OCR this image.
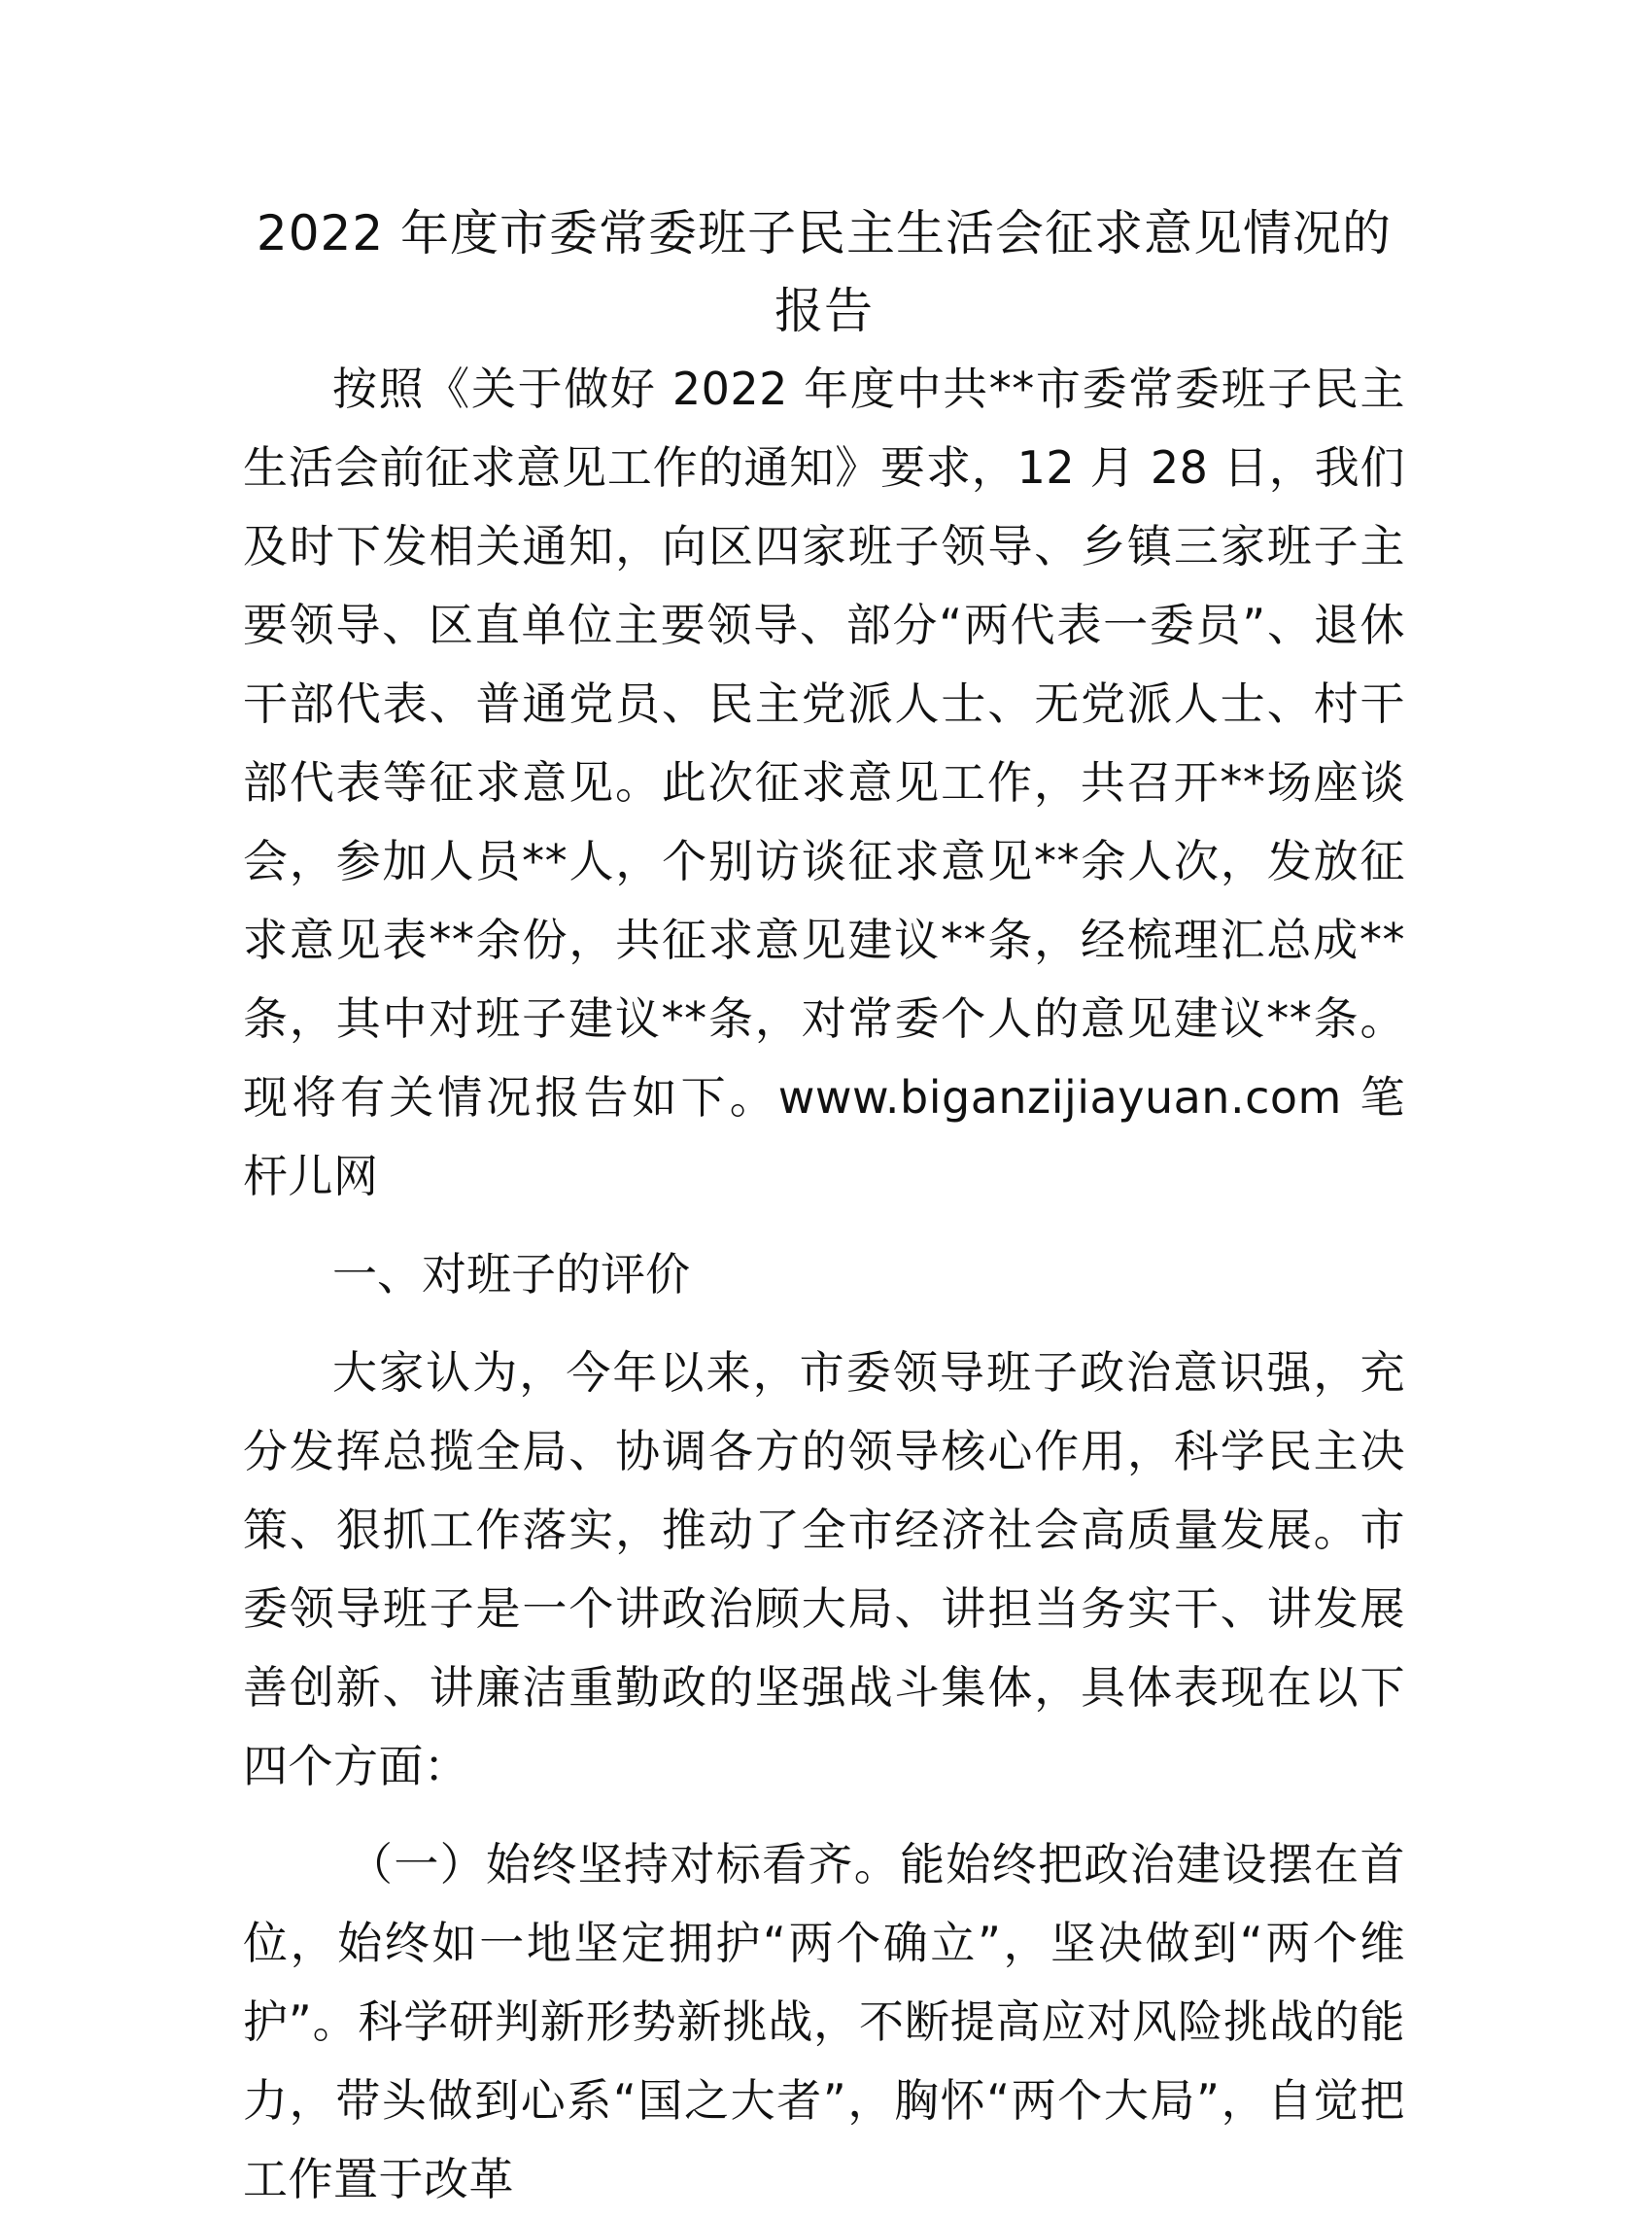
2022 年度市委常委班子民主生活会征求意见情况的报告

按照《关于做好 2022 年度中共**市委常委班子民主生活会前征求意见工作的通知》要求，12 月 28 日，我们及时下发相关通知，向区四家班子领导、乡镇三家班子主要领导、区直单位主要领导、部分“两代表一委员”、退休干部代表、普通党员、民主党派人士、无党派人士、村干部代表等征求意见。此次征求意见工作，共召开**场座谈会，参加人员**人，个别访谈征求意见**余人次，发放征求意见表**余份，共征求意见建议**条，经梳理汇总成**条，其中对班子建议**条，对常委个人的意见建议**条。现将有关情况报告如下。www.biganzijiayuan.com 笔杆儿网

一、对班子的评价

大家认为，今年以来，市委领导班子政治意识强，充分发挥总揽全局、协调各方的领导核心作用，科学民主决策、狠抓工作落实，推动了全市经济社会高质量发展。市委领导班子是一个讲政治顾大局、讲担当务实干、讲发展善创新、讲廉洁重勤政的坚强战斗集体，具体表现在以下四个方面：

（一）始终坚持对标看齐。能始终把政治建设摆在首位，始终如一地坚定拥护“两个确立”，坚决做到“两个维护”。科学研判新形势新挑战，不断提高应对风险挑战的能力，带头做到心系“国之大者”，胸怀“两个大局”，自觉把工作置于改革
